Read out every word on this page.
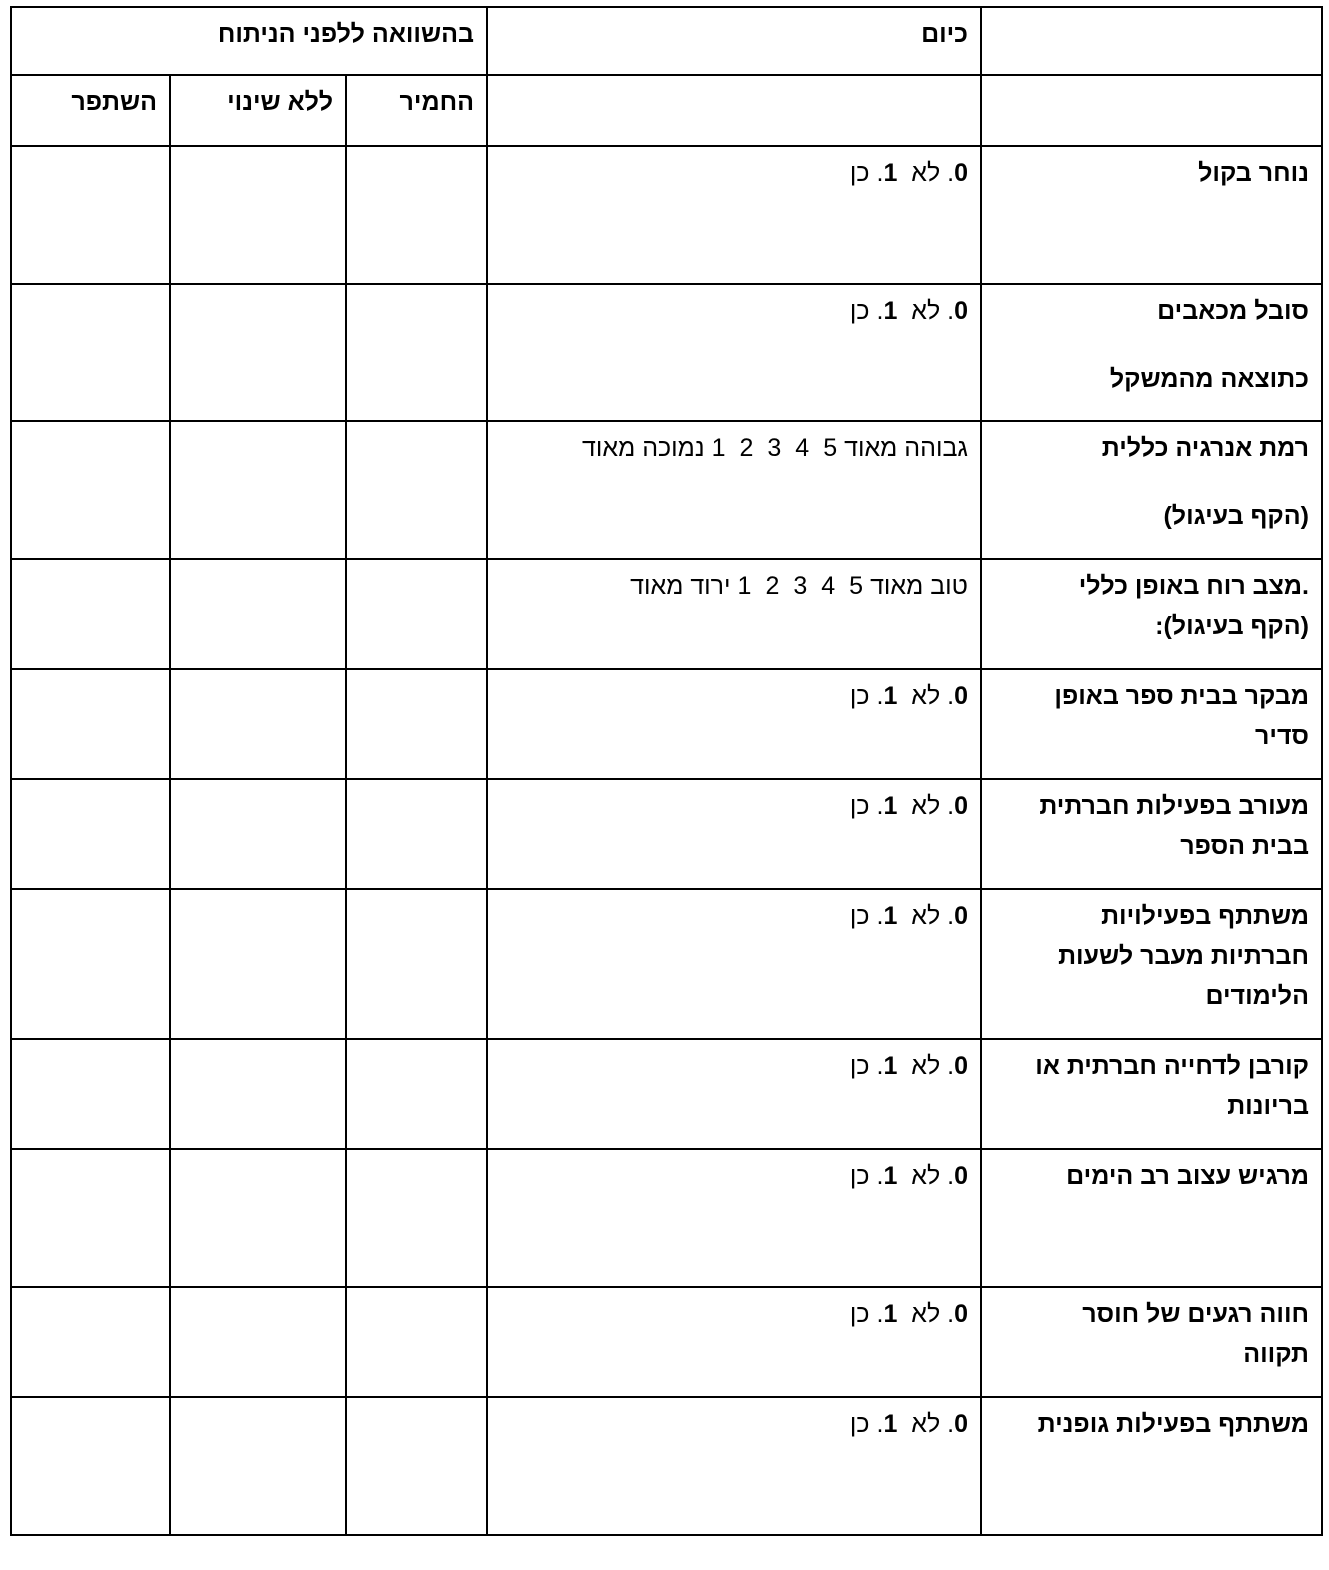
	כיום	בהשוואה ללפני הניתוח		
		החמיר	ללא שינוי	השתפר

נוחר בקול	0. לא  1. כן			

סובל מכאבים
כתוצאה מהמשקל	0. לא  1. כן			

רמת אנרגיה כללית
(הקף בעיגול)	גבוהה מאוד54321נמוכה מאוד			

.מצב רוח באופן כללי
(הקף בעיגול):	טוב מאוד54321ירוד מאוד			

מבקר בבית ספר באופן
סדיר	0. לא  1. כן			

מעורב בפעילות חברתית
בבית הספר	0. לא  1. כן			

משתתף בפעילויות
חברתיות מעבר לשעות
הלימודים	0. לא  1. כן			

קורבן לדחייה חברתית או
בריונות	0. לא  1. כן			

מרגיש עצוב רב הימים	0. לא  1. כן			

חווה רגעים של חוסר
תקווה	0. לא  1. כן			

משתתף בפעילות גופנית	0. לא  1. כן			
